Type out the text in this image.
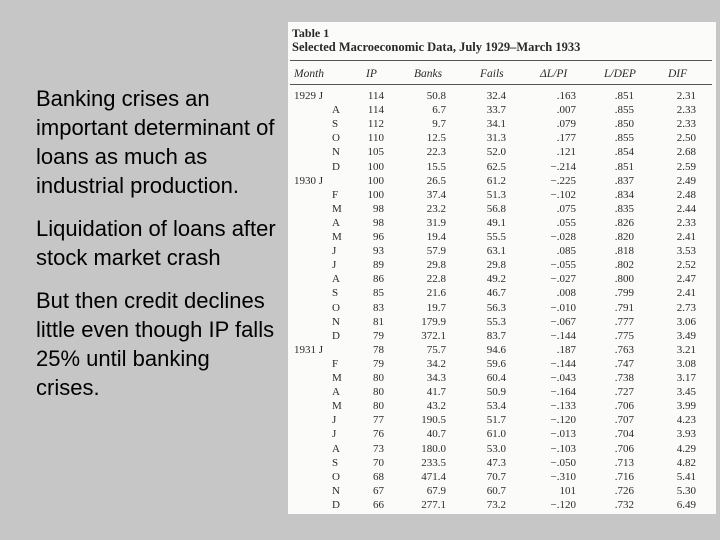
Banking crises an important determinant of loans as much as industrial production.

Liquidation of loans after stock market crash

But then credit declines little even though IP falls 25% until banking crises.

Table 1
Selected Macroeconomic Data, July 1929–March 1933
Month	IP	Banks	Fails	ΔL/PI	L/DEP	DIF
1929 J	114	50.8	32.4	.163	.851	2.31
A	114	6.7	33.7	.007	.855	2.33
S	112	9.7	34.1	.079	.850	2.33
O	110	12.5	31.3	.177	.855	2.50
N	105	22.3	52.0	.121	.854	2.68
D	100	15.5	62.5	−.214	.851	2.59
1930 J	100	26.5	61.2	−.225	.837	2.49
F	100	37.4	51.3	−.102	.834	2.48
M	98	23.2	56.8	.075	.835	2.44
A	98	31.9	49.1	.055	.826	2.33
M	96	19.4	55.5	−.028	.820	2.41
J	93	57.9	63.1	.085	.818	3.53
J	89	29.8	29.8	−.055	.802	2.52
A	86	22.8	49.2	−.027	.800	2.47
S	85	21.6	46.7	.008	.799	2.41
O	83	19.7	56.3	−.010	.791	2.73
N	81	179.9	55.3	−.067	.777	3.06
D	79	372.1	83.7	−.144	.775	3.49
1931 J	78	75.7	94.6	.187	.763	3.21
F	79	34.2	59.6	−.144	.747	3.08
M	80	34.3	60.4	−.043	.738	3.17
A	80	41.7	50.9	−.164	.727	3.45
M	80	43.2	53.4	−.133	.706	3.99
J	77	190.5	51.7	−.120	.707	4.23
J	76	40.7	61.0	−.013	.704	3.93
A	73	180.0	53.0	−.103	.706	4.29
S	70	233.5	47.3	−.050	.713	4.82
O	68	471.4	70.7	−.310	.716	5.41
N	67	67.9	60.7	101	.726	5.30
D	66	277.1	73.2	−.120	.732	6.49
